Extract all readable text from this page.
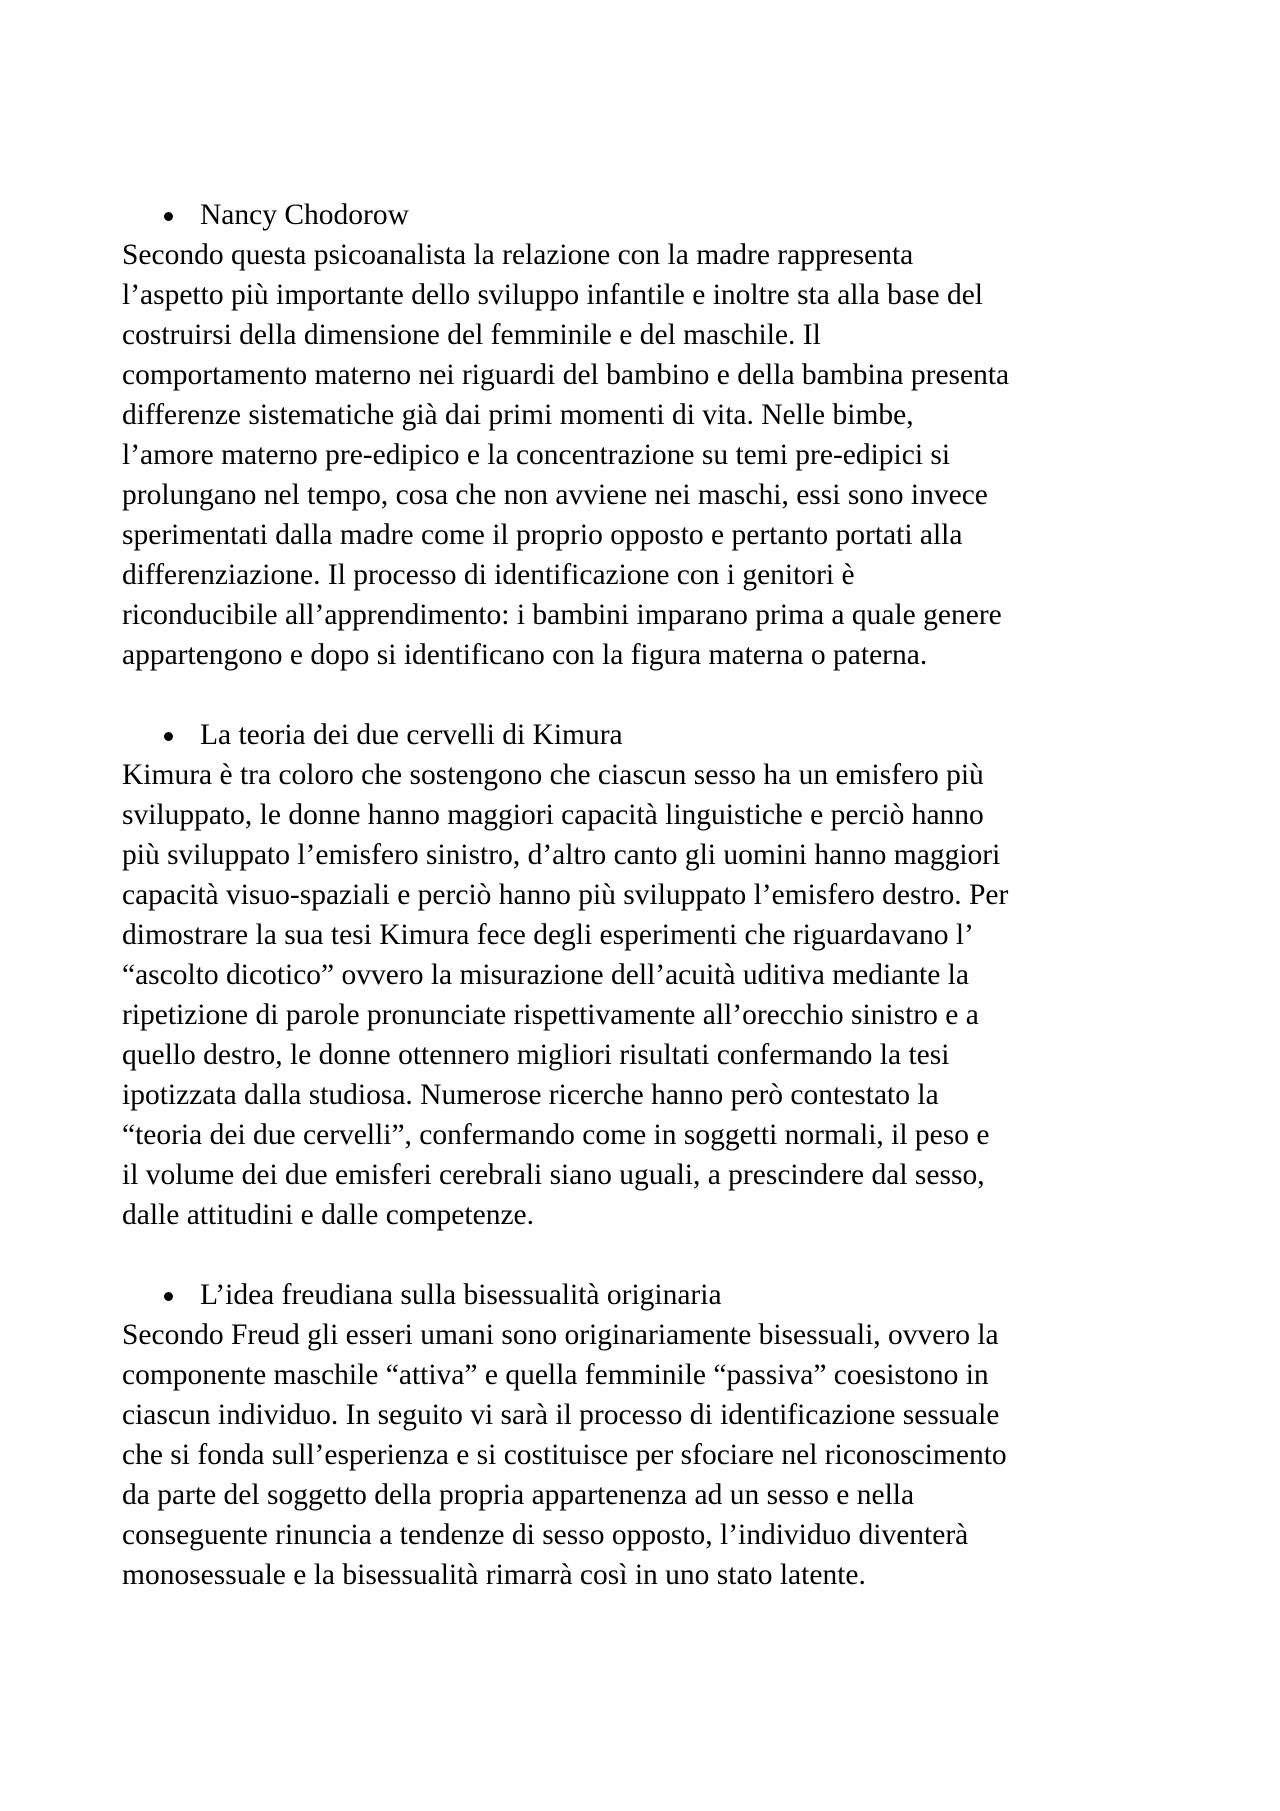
Nancy Chodorow

Secondo questa psicoanalista la relazione con la madre rappresenta
l’aspetto più importante dello sviluppo infantile e inoltre sta alla base del
costruirsi della dimensione del femminile e del maschile. Il
comportamento materno nei riguardi del bambino e della bambina presenta
differenze sistematiche già dai primi momenti di vita. Nelle bimbe,
l’amore materno pre-edipico e la concentrazione su temi pre-edipici si
prolungano nel tempo, cosa che non avviene nei maschi, essi sono invece
sperimentati dalla madre come il proprio opposto e pertanto portati alla
differenziazione. Il processo di identificazione con i genitori è
riconducibile all’apprendimento: i bambini imparano prima a quale genere
appartengono e dopo si identificano con la figura materna o paterna.

La teoria dei due cervelli di Kimura

Kimura è tra coloro che sostengono che ciascun sesso ha un emisfero più
sviluppato, le donne hanno maggiori capacità linguistiche e perciò hanno
più sviluppato l’emisfero sinistro, d’altro canto gli uomini hanno maggiori
capacità visuo-spaziali e perciò hanno più sviluppato l’emisfero destro. Per
dimostrare la sua tesi Kimura fece degli esperimenti che riguardavano l’
“ascolto dicotico” ovvero la misurazione dell’acuità uditiva mediante la
ripetizione di parole pronunciate rispettivamente all’orecchio sinistro e a
quello destro, le donne ottennero migliori risultati confermando la tesi
ipotizzata dalla studiosa. Numerose ricerche hanno però contestato la
“teoria dei due cervelli”, confermando come in soggetti normali, il peso e
il volume dei due emisferi cerebrali siano uguali, a prescindere dal sesso,
dalle attitudini e dalle competenze.

L’idea freudiana sulla bisessualità originaria

Secondo Freud gli esseri umani sono originariamente bisessuali, ovvero la
componente maschile “attiva” e quella femminile “passiva” coesistono in
ciascun individuo. In seguito vi sarà il processo di identificazione sessuale
che si fonda sull’esperienza e si costituisce per sfociare nel riconoscimento
da parte del soggetto della propria appartenenza ad un sesso e nella
conseguente rinuncia a tendenze di sesso opposto, l’individuo diventerà
monosessuale e la bisessualità rimarrà così in uno stato latente.
